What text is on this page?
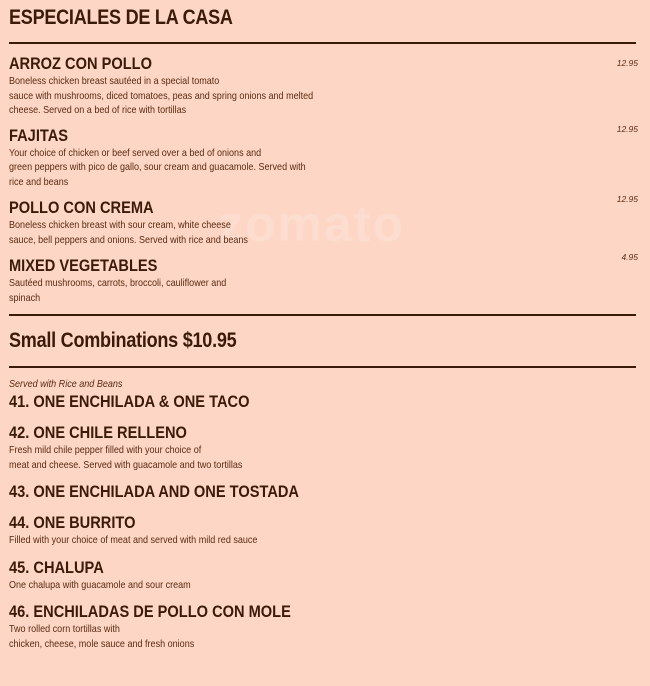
zomato
ESPECIALES DE LA CASA
ARROZ CON POLLO	12.95
Boneless chicken breast sautéed in a special tomato
sauce with mushrooms, diced tomatoes, peas and spring onions and melted
cheese. Served on a bed of rice with tortillas
FAJITAS	12.95
Your choice of chicken or beef served over a bed of onions and
green peppers with pico de gallo, sour cream and guacamole. Served with
rice and beans
POLLO CON CREMA	12.95
Boneless chicken breast with sour cream, white cheese
sauce, bell peppers and onions. Served with rice and beans
MIXED VEGETABLES	4.95
Sautéed mushrooms, carrots, broccoli, cauliflower and
spinach
Small Combinations $10.95
Served with Rice and Beans
41. ONE ENCHILADA & ONE TACO
42. ONE CHILE RELLENO
Fresh mild chile pepper filled with your choice of
meat and cheese. Served with guacamole and two tortillas
43. ONE ENCHILADA AND ONE TOSTADA
44. ONE BURRITO
Filled with your choice of meat and served with mild red sauce
45. CHALUPA
One chalupa with guacamole and sour cream
46. ENCHILADAS DE POLLO CON MOLE
Two rolled corn tortillas with
chicken, cheese, mole sauce and fresh onions
